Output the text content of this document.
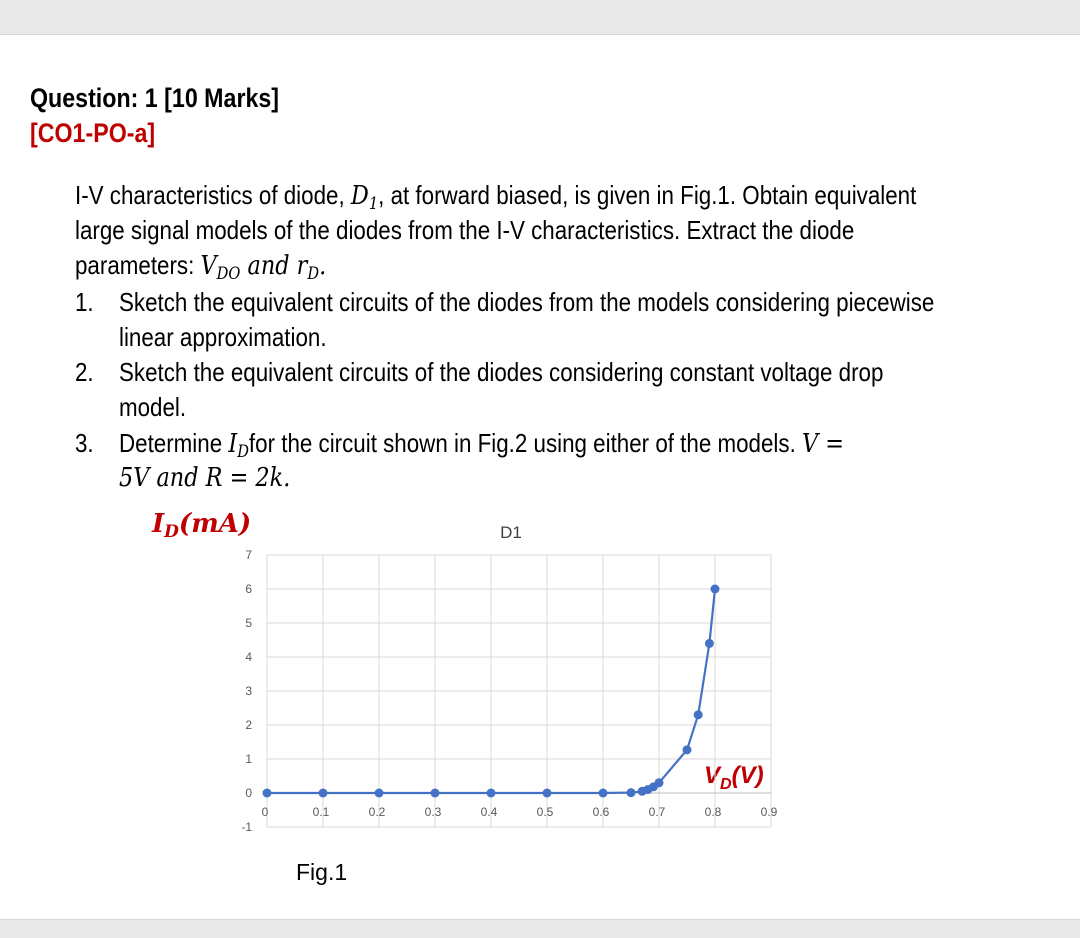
Question: 1 [10 Marks]
[CO1-PO-a]
I-V characteristics of diode, $D_1$, at forward biased, is given in Fig.1. Obtain equivalent
large signal models of the diodes from the I-V characteristics. Extract the diode
parameters: $V_{DO}$ and $r_D$.
1. Sketch the equivalent circuits of the diodes from the models considering piecewise
linear approximation.
2. Sketch the equivalent circuits of the diodes considering constant voltage drop
model.
3. Determine $I_Dfor$ the circuit shown in Fig.2 using either of the models. V =
5V and R = 2k.
$I_D(mA)$	D1
$V_D(V)$
0	0.1	0.2	0.3	0.4	0.5	0.6	0.7	0.8	0.9
-1
0
1
2
3
4
5
6
7
Fig.1
